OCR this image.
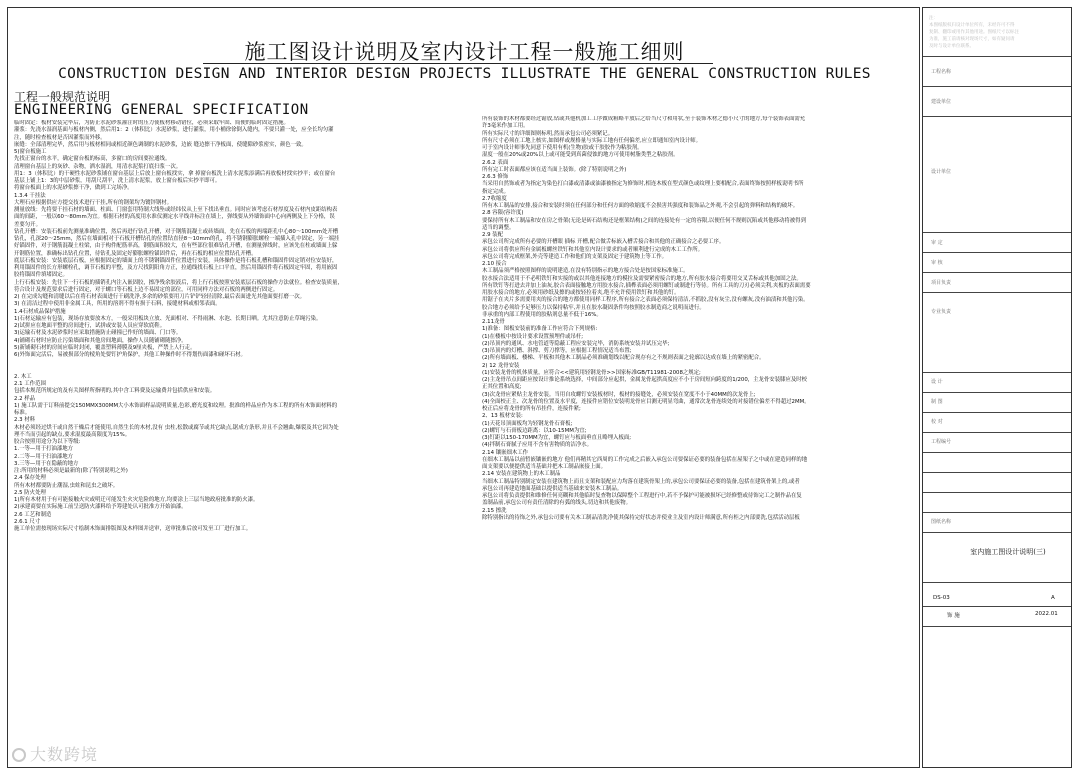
施工图设计说明及室内设计工程一般施工细则
CONSTRUCTION DESIGN AND INTERIOR DESIGN PROJECTS ILLUSTRATE THE GENERAL CONSTRUCTION RULES
工程一般规范说明
ENGINEERING GENERAL SPECIFICATION
临时固定：板材安装完毕后，为防止水泥砂浆灌注时的压力使板材移动错位，必须采取牢固、简便的临时固定措施。
灌浆：先浇水湿润基面与板材内侧，然后用1：2（体积比）水泥砂浆，进行灌浆，用小桶徐徐倒入缝内，不要只灌一处，应全长均匀灌
注，随时检查板材是否因灌浆而外移。
嵌缝：全部清理完毕，然后用与板材相同或相近颜色调制的水泥砂浆，边嵌 缝边擦干净板面，使缝隙砂浆密实，颜色一致。
5)窗台板施工
先找正窗台的水平，确定窗台板的标高，多窗口的房间要拉通线。
清理窗台基层上的灰砂、杂物，洒水湿润，用清水泥浆打底扫浆一次。
用1：3（体积比）的干硬性水泥砂浆铺在窗台基层上后放上窗台板找实，拿 掉窗台板洗上清水泥浆添满后再放板材找实抄平；或在窗台
基层上铺上1：3的中层砂浆，用刮尺刮平，洗上清水泥浆，放上窗台板后实抄平即可。
将窗台板面上的水泥砂浆擦干净，做到工完场净。
1.3.4 干挂法
大理石应根据供应方提交技术进行干挂,所有的钢架均为镀锌钢材。
测量放线：先将要干挂石材的墙面、柱面、门窗套用特制大线坠或经纬仪从上至下找出垂直。同时应该考虑石材厚度及石材内皮距结构表
面的间距，一般以60～80mm为宜。根据石材的高度用水准仪测定水平线并标注在墙上，弹线要从外墙饰面中心向两侧及上下分格，误
差要匀开。
钻孔开槽：安装石板前先测量准确位置，然后再进行钻孔开槽，对于钢筋混凝土或砖墙面，先在石板的两端距孔中心80～100mm处开槽
钻孔，孔深20～25mm，然后在墙面相对于石板开槽钻孔的位置钻直径8～10mm的孔，将不锈钢膨胀螺栓一端插入孔中固定，另一端挂
好锚固件，对于钢筋混凝土柱梁，由于构件配筋率高，钢筋面积较大，在有些部位很难钻孔开槽，在测量弹线时，应该先在柱或墙面上躲
开钢筋位置，准确标出钻孔位置，待钻孔及固定好膨胀螺栓锚固件后，再在石板的相应位置钻孔开槽。
底层石板安装：安装底层石板，应根据固定的墙面上的不锈钢锚固件位置进行安装，具体操作是将石板孔槽和锚固件固定销对位安装好，
利用锚固件的长方形螺栓孔，调节石板的平整，及方尺找阴阳角方正，拉通线找石板上口平直，然后用锚固件将石板固定牢固，将用嵌固
胶将锚固件填堵固定。
上行石板安装：先往下一行石板的插销孔内注入嵌固胶，擦净残余胶液后，将上行石板按照安装底层石板的操作方法就位。检查安装质量，
符合设计及规范要求后进行固定，对于螺口等石板上边不易固定的部位，可用同样方法对石板的两侧进行固定。
2) 在完成勾缝和清缝以后在将石材表面进行干刷洗净,多余的砂浆要用刀片铲铲轻轻清除,最后表面进光其他面要打磨一次。
3) 在清洁过程中使用非金属工具，所用的溶剂不得有损于石料，接缝材料或相邻表面。
1.4石材成品保护措施
1)石材运输应有包装，现场存放要放木方，一般采用板块立放、光面相对、不得雨淋、水泡、长期日晒。尤其注意防止草绳污染。
2)试拼应在地面平整的房间进行，试拼或安装人员应穿软底鞋。
3)运输石材及水泥砂浆时应采取措施防止碰撞已作好的墙面、门口等。
4)铺砌石材时应防止污染墙面和其他房间地面，操作人员随铺砌随擦净。
5)新铺砌石材的房间应临时封闭，覆盖塑料薄膜及9厘夹板，严禁上人行走。
6)外饰面完活后，易被损部分的棱角处要钉护角保护，其他工种操作时不得划伤面漆和碰坏石材。
2. 木工
2.1 工作范围
包括本规范所规定的及有关图样所指明的,其中含工料费及运输费并包括供应和安装。
2.2 样品
1) 施工队需于订料前提交150MMX300MM大小木饰面样品说明质量,色彩,磨光度和纹理。批准的样品应作为本工程的所有木饰面材料的
标准。
2.3 材料
木材必须经过烘干或自然干燥后才能使用,自然生长的木材,没有 虫柱,松散或腐节或其它缺点,锯成方条形,并且不会翘曲,爆裂及其它因为处
理不当而引起的缺点,要求湿度最高限度为15%。
胶合按照用途分为以下等级:
1.一等—用于打油漆地方
2.二等—用于扫油漆地方
3.三等—用于在隐蔽的地方
注:所用的材料必须是最新的(除了特别说明之外)
2.4 保存处理
所有木材都要防止潮湿,虫蛀和昆虫之破坏。
2.5 防火处理
1)所有木材用于有可能接触火灾或明迁可能发生火灾危险的地方,均要涂上三层当地政府批准的防火漆。
2)承建商要在实际施工前呈送防火漆料给予筹建处认可批准方开始油漆。
2.6 工艺和制造
2.6.1 尺寸
施工单位需按现场实际尺寸绘制木饰面排版图及木样图并送审，送审批准后放可发至工厂进行加工。
所有装饰的木材都要经过锯放,钻或其他机加工工序做成粗略平放后之给当尺寸和用状,至于装饰木材之德小尺寸的地方,每个装饰表面需允
许3毫米作加工用。
所有实际尺寸的详细图则标明,然而承包公司必须紧记。
所有尺寸必须在工地上核实,如图样或规格量与实际工地有任何偏差,应立即通知室内设计师。
可于室内设计师事先同意下使用有机(生物)胶或干胶胶作为粘胶剂。
湿度一般在20%或20%以上或可能受到真菌侵蚀的地方可使用树脂类型之粘胶剂。
2.6.2 表面
所有完工时表面都应该在适当面上装饰。(除了特别说明之外)
2.6.3 修饰
当采用自然饰或者为指定为染色打白漆或清漆或油漆被指定为修饰时,相连木板在型式颜色或纹理上要相配合,表面终饰按照样板说明书所
指定完成。
2.7收缩度
所有木工制品的安排,接合和安装时须在任何部分和任何方面的收缩度不会损害其强度和装饰品之外观,不会引起的弹料和结构的破坏。
2.8 容限(容许度)
要保持所有木工制品和安在房之骨架(无论是砖石结构还是框架结构)之间的连接处有一定的容限,以便任何不规则沉陷或其他移动将被得到
适当的调整。
2.9 装配
承包公司所完成所有必要的开槽眼 插标 开槽,配合做舌标嵌入槽舌接合和其他的正确接合之必要工序。
承包公司将供应所有金属板螺丝铁钉和其他室内设计要求的或者顺利进行完成的木工工作所。
承包公司将完成框架,外壳等建造工作和他们的支架及固定于建筑物上等工作。
2.10 接合
木工制品须严格按照图样的说明建造,在没有特别指示的地方接合处是按国家标准施工。
胶水接合法适用于不必明铁钉和实接的或以其他连接地方的模拉及需要紧密接合的地方,所有胶水接合将要用交叉舌标或其他加固之法。
所有铁钉等打进去并加上油灰,胶合表面接触地方用胶水接合,插榫表面必须用螺钉或制进行等待。所有工具的刀刃必须尖利,夹板的表面需要
用胶水接合的地方,必须用砂纸及擦的或按轻拉着夹,绝不允许使用铁钉和其他的钉。
用锯子在夹片多需要用夹的接合的地方都使用同样工程序,所有接合之表面必须保持清洁,不抓胶,没有灰尘,没有螺灰,没有油渍和其他污染。
胶合地方必须给予足够压力以保持粘牢,并且在胶水凝固条件均按照胶水制造商之说明而进行。
非承重的内部工程使用的胶粘剂总量不低于16%。
2.11龙骨
1)准备：图板安装前的准备工作应符合下列规格:
(1)在楼板中按设计要求设置预埋件或吊杆;
(2)吊顶内的通风、水电管道等隐蔽工程应安装完毕，消防系统安装并试压完毕;
(3)吊顶内的灯槽、斜撑、剪刀撑等，应根据工程情况适当布置;
(2)所有墙面板、楼梯、平板和其他木工制品必须准确划线以配合现存有之不规则表面之轮廓以达成在墙上的紧密配合。
2) 12 龙骨安装
(1)安装龙骨的机体质量，应符合<<建筑用轻钢龙骨>>国家标准GB/T11981-2008之规定;
(2)主龙骨吊点间距应按设计推论系统选择，中间部分应起拱，金属龙骨起拱高度应不小于房间短向跨度的1/200，主龙骨安装膝应及时校
正其位置和高度;
(3)次龙骨应紧贴主龙骨安装。当用自攻螺钉安装板材时，板材的接缝处，必须安装在宽度不小于40MM的次龙骨上;
(4)全面校正主、次龙骨的位置及水平度，连接件应错位安装明龙骨应目测无明显弯曲，通常次龙骨连续处的对接错位偏差不得超过2MM。
校正后应将龙骨的所有吊挂件，连接件紧;
2、13 板材安装:
(1)天花吊顶面板均为轻钢龙骨石膏板;
(2)螺钉与石膏板边距离：以10-15MM为宜;
(3)钉距以150-170MM为宜，螺钉应与板面垂直且略埋入板面;
(4)拌制石膏腻子应用不含有害物质的洁净水。
2.14 镶嵌细木工作
在细木工制品以前暂嵌镶嵌的地方 他们再精其它西周的工作完成之后嵌入承包公司要保证必要的装备包括在屋架子之中或在建造同样的地
面支架要以便提供适当基础并把木工制品嵌接上面。
2.14 安装在建筑物上的木工制品
当细木工制品特别制定安装在建筑物上而且支架和装配应力均落在建筑骨架上的,承包公司要保证必要的装备,包括在建筑骨架上的,或者
承包公司再建造地面基础以提供适当基础来安装木工制品。
承包公司将负责提供和维修任何亮糊和其他临时复查物以保障整个工程进行中,若不予保护可能被损坏已经修整或待饰完工之制作品在复
盖制品前,承包公司有责任清除的有弧的线头,切边和其他废物。
2.15 擦洗
除特别指出的待饰之外,承包公司要有关木工制品清洗净使其保持完好状态并使业主及室内设计师满意,所有柜之内部要洗,包括活动层板
大数跨境
注：
本图纸版权归设计单位所有，未经许可不得
复制、翻印或用作其他用途。图纸尺寸以标注
为准，施工前请核对现场尺寸，如有疑问请
及时与设计单位联系。
工程名称
建设单位
设计单位
审 定
审 核
项目负责
专业负责
设 计
制 图
校 对
工程编号
图纸名称
室内施工图设计说明(三)
DS-03	A
饰 施	2022.01
